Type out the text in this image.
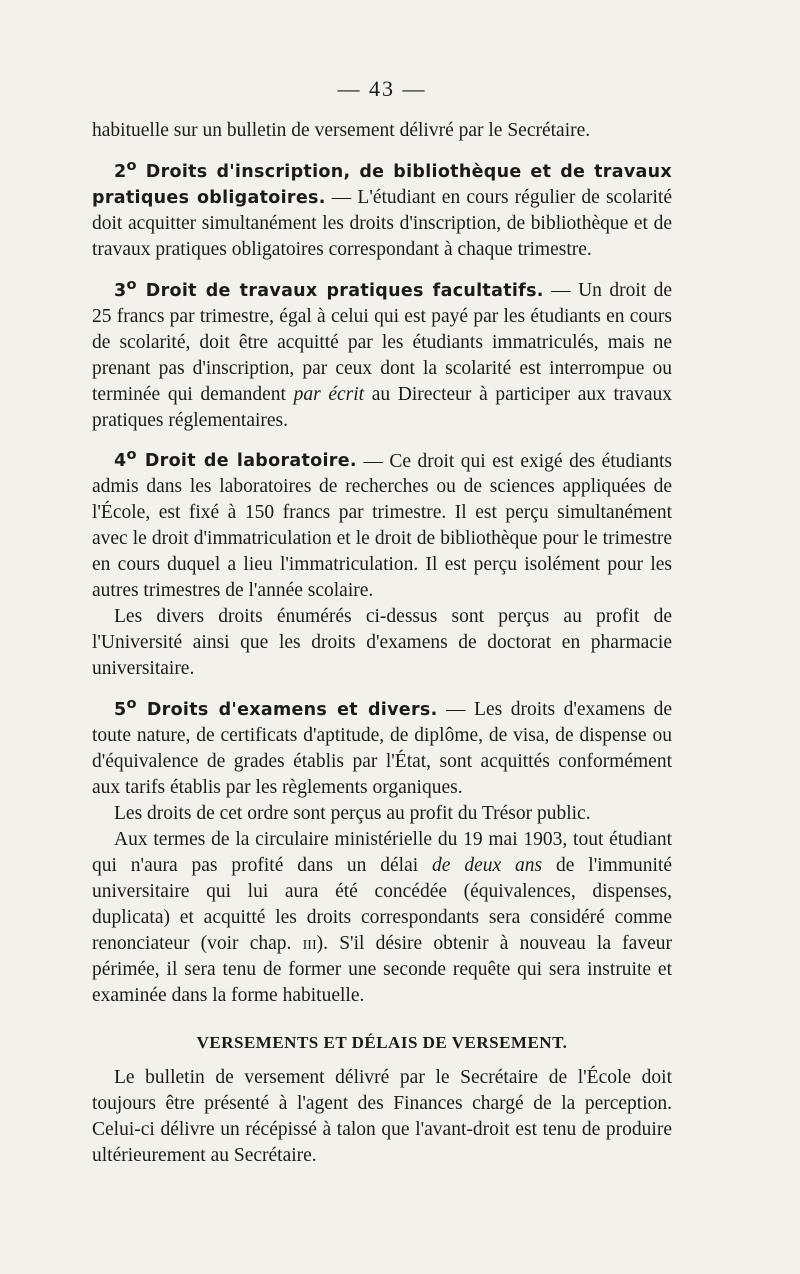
— 43 —

habituelle sur un bulletin de versement délivré par le Secrétaire.

2$^o$ Droits d'inscription, de bibliothèque et de travaux pratiques obligatoires. — L'étudiant en cours régulier de scolarité doit acquitter simultanément les droits d'inscription, de bibliothèque et de travaux pratiques obligatoires correspondant à chaque trimestre.

3$^o$ Droit de travaux pratiques facultatifs. — Un droit de 25 francs par trimestre, égal à celui qui est payé par les étudiants en cours de scolarité, doit être acquitté par les étudiants immatriculés, mais ne prenant pas d'inscription, par ceux dont la scolarité est interrompue ou terminée qui demandent par écrit au Directeur à participer aux travaux pratiques réglementaires.

4$^o$ Droit de laboratoire. — Ce droit qui est exigé des étudiants admis dans les laboratoires de recherches ou de sciences appliquées de l'École, est fixé à 150 francs par trimestre. Il est perçu simultanément avec le droit d'immatriculation et le droit de bibliothèque pour le trimestre en cours duquel a lieu l'immatriculation. Il est perçu isolément pour les autres trimestres de l'année scolaire.

Les divers droits énumérés ci-dessus sont perçus au profit de l'Université ainsi que les droits d'examens de doctorat en pharmacie universitaire.

5$^o$ Droits d'examens et divers. — Les droits d'examens de toute nature, de certificats d'aptitude, de diplôme, de visa, de dispense ou d'équivalence de grades établis par l'État, sont acquittés conformément aux tarifs établis par les règlements organiques.

Les droits de cet ordre sont perçus au profit du Trésor public.

Aux termes de la circulaire ministérielle du 19 mai 1903, tout étudiant qui n'aura pas profité dans un délai de deux ans de l'immunité universitaire qui lui aura été concédée (équivalences, dispenses, duplicata) et acquitté les droits correspondants sera considéré comme renonciateur (voir chap. iii). S'il désire obtenir à nouveau la faveur périmée, il sera tenu de former une seconde requête qui sera instruite et examinée dans la forme habituelle.

VERSEMENTS ET DÉLAIS DE VERSEMENT.

Le bulletin de versement délivré par le Secrétaire de l'École doit toujours être présenté à l'agent des Finances chargé de la perception. Celui-ci délivre un récépissé à talon que l'avant-droit est tenu de produire ultérieurement au Secrétaire.
